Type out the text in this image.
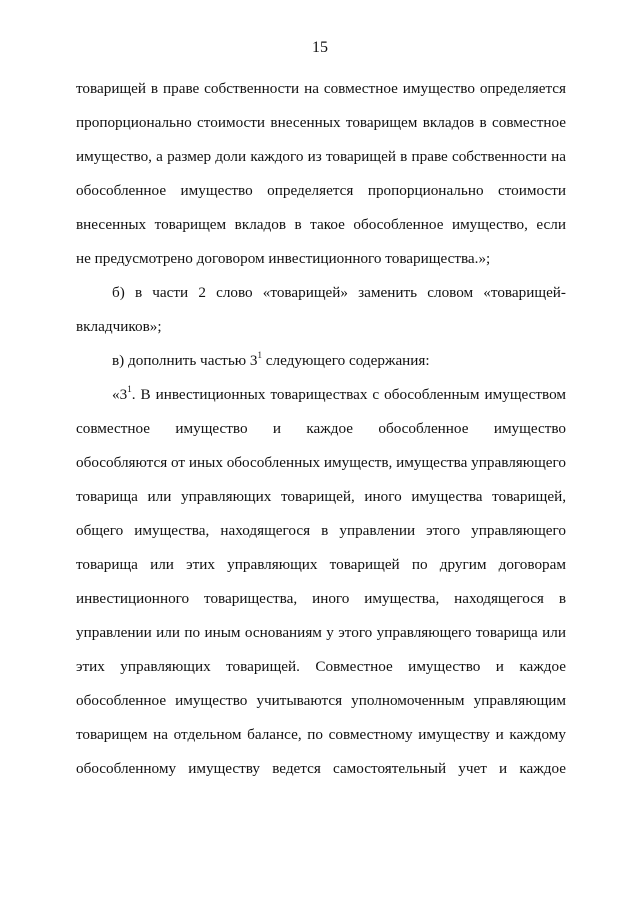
15
товарищей в праве собственности на совместное имущество определяется
пропорционально стоимости внесенных товарищем вкладов в совместное
имущество, а размер доли каждого из товарищей в праве собственности на
обособленное имущество определяется пропорционально стоимости
внесенных товарищем вкладов в такое обособленное имущество, если
не предусмотрено договором инвестиционного товарищества.»;
б) в части 2 слово «товарищей» заменить словом «товарищей-
вкладчиков»;
в) дополнить частью $3^1$ следующего содержания:
«$3^1$. В инвестиционных товариществах с обособленным имуществом
совместное имущество и каждое обособленное имущество
обособляются от иных обособленных имуществ, имущества управляющего
товарища или управляющих товарищей, иного имущества товарищей,
общего имущества, находящегося в управлении этого управляющего
товарища или этих управляющих товарищей по другим договорам
инвестиционного товарищества, иного имущества, находящегося в
управлении или по иным основаниям у этого управляющего товарища или
этих управляющих товарищей. Совместное имущество и каждое
обособленное имущество учитываются уполномоченным управляющим
товарищем на отдельном балансе, по совместному имуществу и каждому
обособленному имуществу ведется самостоятельный учет и каждое
